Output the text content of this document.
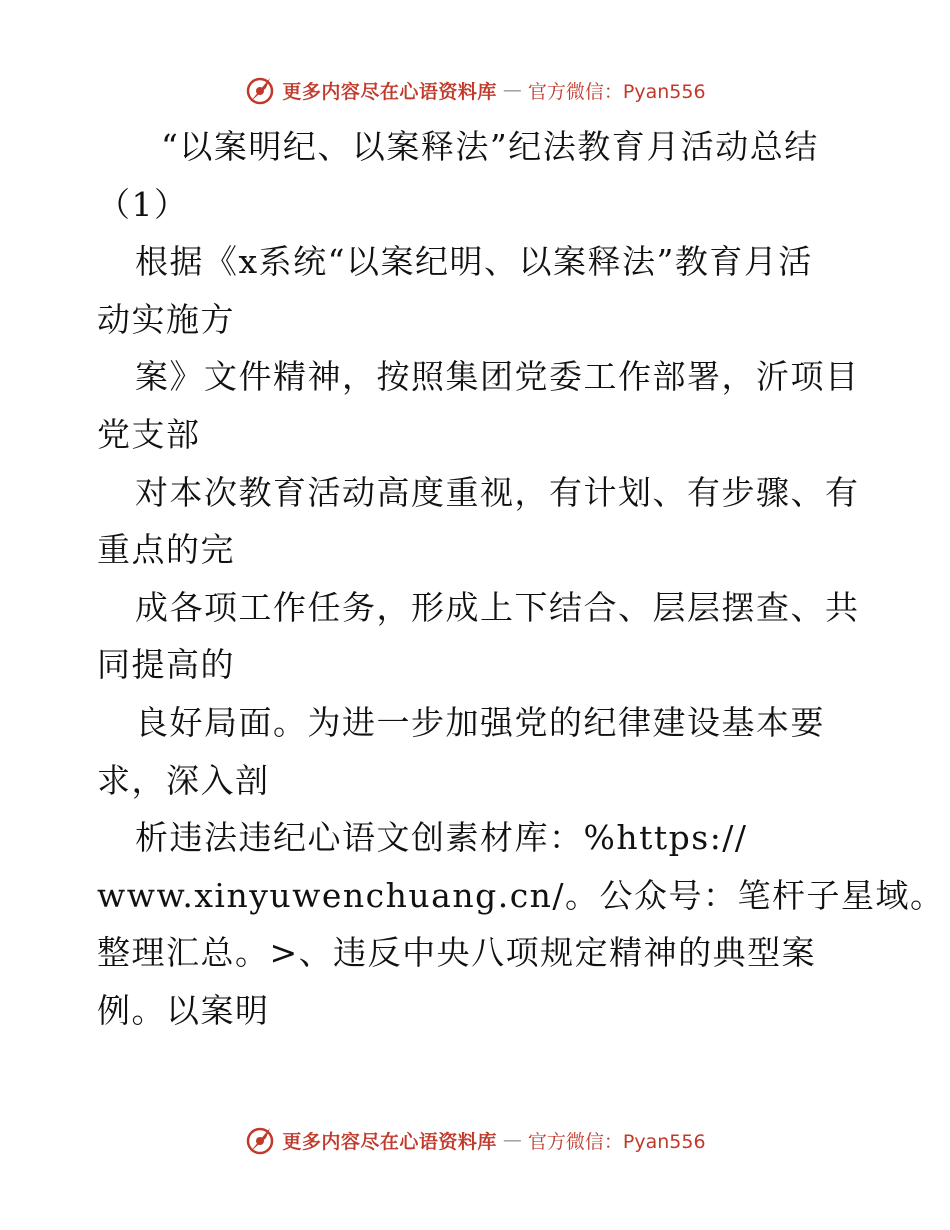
更多内容尽在心语资料库 — 官方微信：Pyan556
“以案明纪、以案释法”纪法教育月活动总结
（1）
根据《x系统“以案纪明、以案释法”教育月活
动实施方
案》文件精神，按照集团党委工作部署，沂项目
党支部
对本次教育活动高度重视，有计划、有步骤、有
重点的完
成各项工作任务，形成上下结合、层层摆查、共
同提高的
良好局面。为进一步加强党的纪律建设基本要
求，深入剖
析违法违纪心语文创素材库：%https://
www.xinyuwenchuang.cn/。公众号：笔杆子星域。
整理汇总。>、违反中央八项规定精神的典型案
例。以案明
更多内容尽在心语资料库 — 官方微信：Pyan556
